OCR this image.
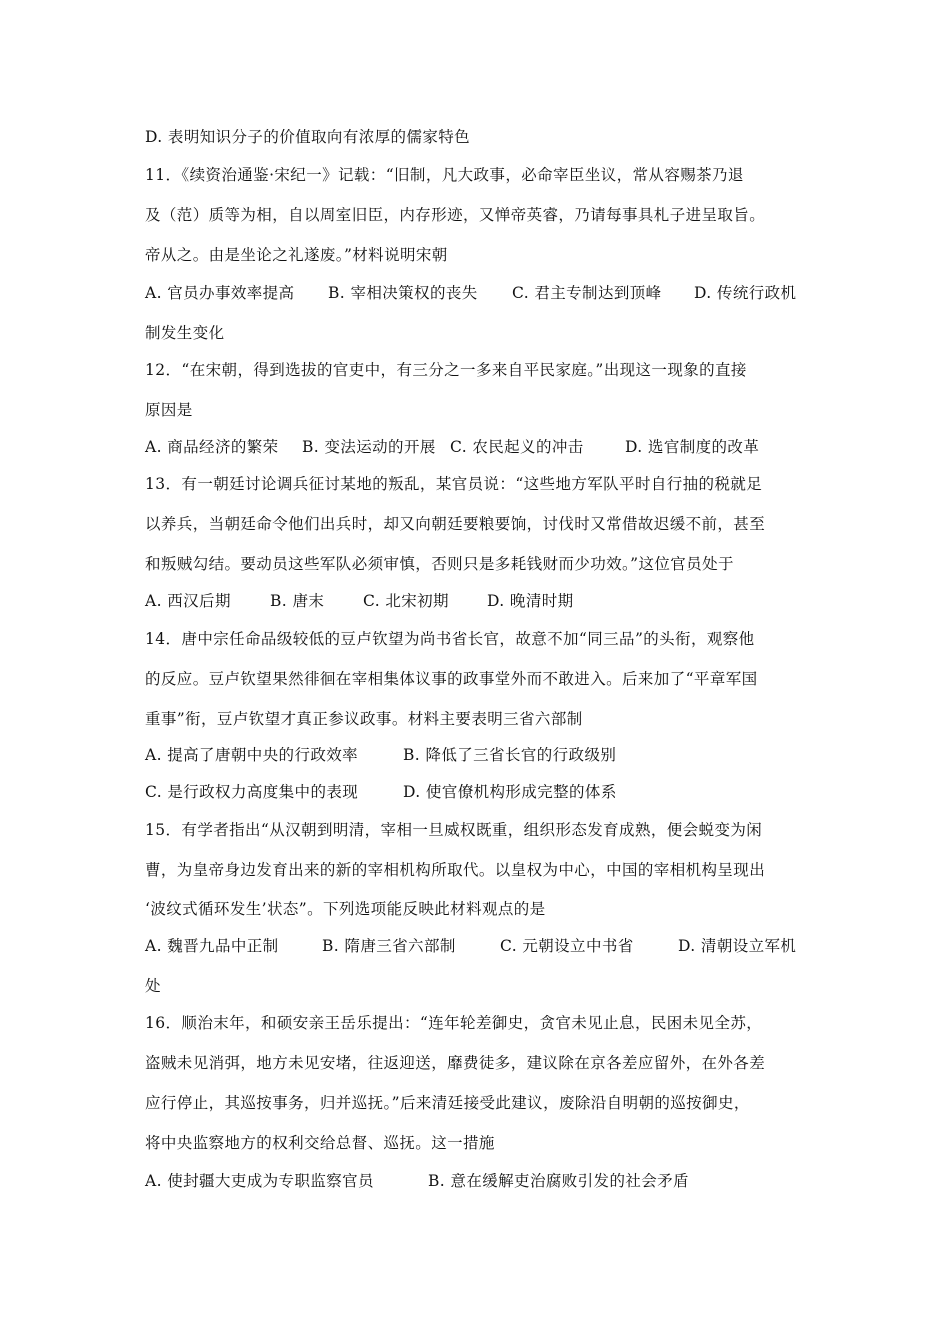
D. 表明知识分子的价值取向有浓厚的儒家特色
11．《续资治通鉴·宋纪一》记载：“旧制，凡大政事，必命宰臣坐议，常从容赐茶乃退
及（范）质等为相，自以周室旧臣，内存形迹，又惮帝英睿，乃请每事具札子进呈取旨。
帝从之。由是坐论之礼遂废。”材料说明宋朝
A. 官员办事效率提高 B. 宰相决策权的丧失 C. 君主专制达到顶峰 D. 传统行政机
制发生变化
12．“在宋朝，得到选拔的官吏中，有三分之一多来自平民家庭。”出现这一现象的直接
原因是
A. 商品经济的繁荣 B. 变法运动的开展 C. 农民起义的冲击	D. 选官制度的改革
13．有一朝廷讨论调兵征讨某地的叛乱，某官员说：“这些地方军队平时自行抽的税就足
以养兵，当朝廷命令他们出兵时，却又向朝廷要粮要饷，讨伐时又常借故迟缓不前，甚至
和叛贼勾结。要动员这些军队必须审慎，否则只是多耗钱财而少功效。”这位官员处于
A. 西汉后期	B. 唐末	C. 北宋初期 D. 晚清时期
14．唐中宗任命品级较低的豆卢钦望为尚书省长官，故意不加“同三品”的头衔，观察他
的反应。豆卢钦望果然徘徊在宰相集体议事的政事堂外而不敢进入。后来加了“平章军国
重事”衔，豆卢钦望才真正参议政事。材料主要表明三省六部制
A. 提高了唐朝中央的行政效率	B. 降低了三省长官的行政级别
C. 是行政权力高度集中的表现	D. 使官僚机构形成完整的体系
15．有学者指出“从汉朝到明清，宰相一旦威权既重，组织形态发育成熟，便会蜕变为闲
曹，为皇帝身边发育出来的新的宰相机构所取代。以皇权为中心，中国的宰相机构呈现出
‘波纹式循环发生’状态”。下列选项能反映此材料观点的是
A. 魏晋九品中正制	B. 隋唐三省六部制	C. 元朝设立中书省	D. 清朝设立军机
处
16．顺治末年，和硕安亲王岳乐提出：“连年轮差御史，贪官未见止息，民困未见全苏，
盗贼未见消弭，地方未见安堵，往返迎送，靡费徒多，建议除在京各差应留外，在外各差
应行停止，其巡按事务，归并巡抚。”后来清廷接受此建议，废除沿自明朝的巡按御史，
将中央监察地方的权利交给总督、巡抚。这一措施
A. 使封疆大吏成为专职监察官员	B. 意在缓解吏治腐败引发的社会矛盾
